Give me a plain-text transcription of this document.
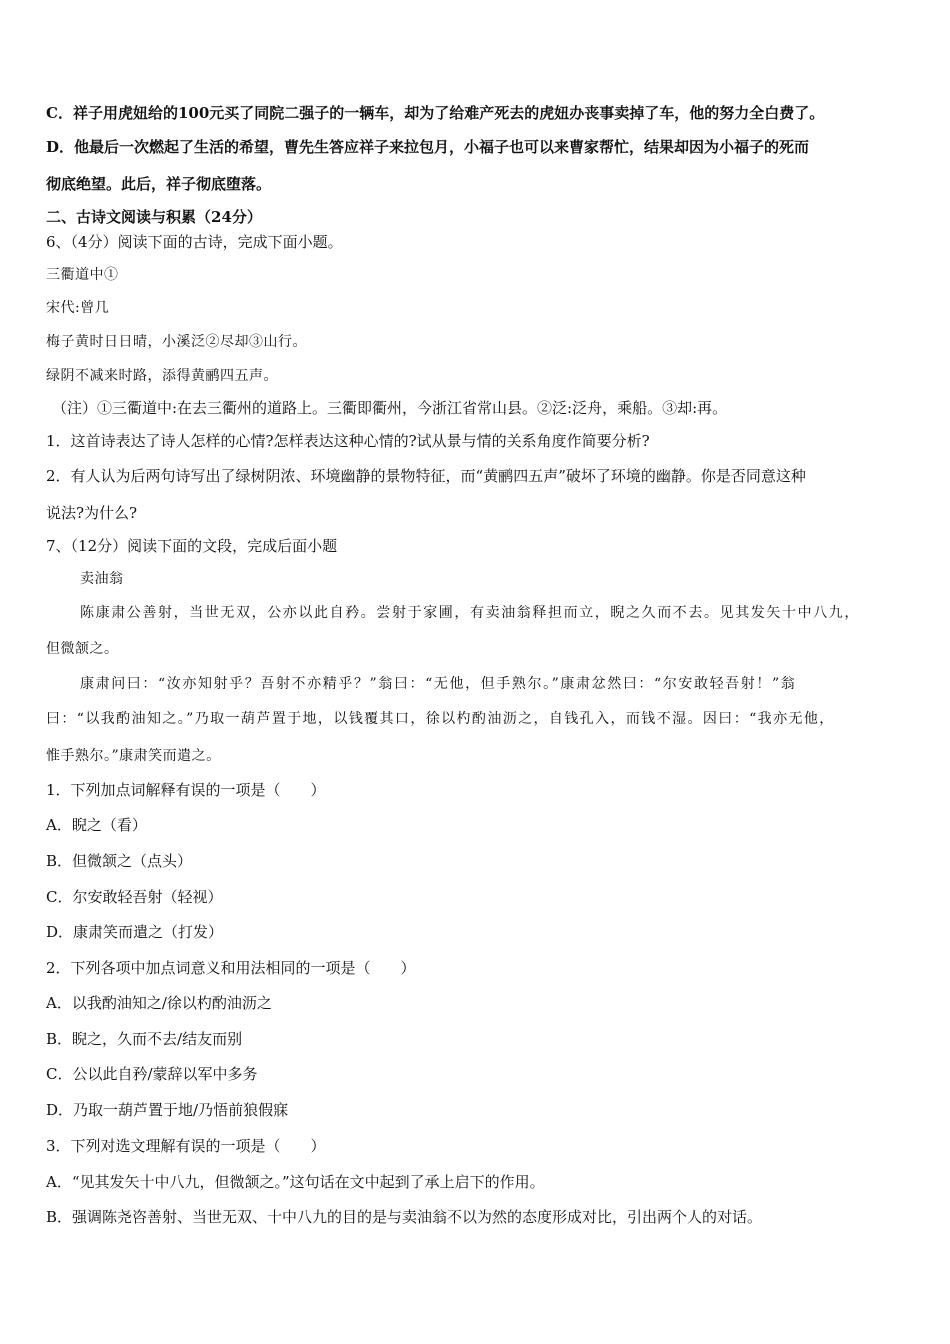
C．祥子用虎妞给的100元买了同院二强子的一辆车，却为了给难产死去的虎妞办丧事卖掉了车，他的努力全白费了。
D．他最后一次燃起了生活的希望，曹先生答应祥子来拉包月，小福子也可以来曹家帮忙，结果却因为小福子的死而
彻底绝望。此后，祥子彻底堕落。
二、古诗文阅读与积累（24分）
6、（4分）阅读下面的古诗，完成下面小题。
三衢道中①
宋代:曾几
梅子黄时日日晴，小溪泛②尽却③山行。
绿阴不减来时路，添得黄鹂四五声。
（注）①三衢道中:在去三衢州的道路上。三衢即衢州，今浙江省常山县。②泛:泛舟，乘船。③却:再。
1．这首诗表达了诗人怎样的心情?怎样表达这种心情的?试从景与情的关系角度作简要分析?
2．有人认为后两句诗写出了绿树阴浓、环境幽静的景物特征，而“黄鹂四五声”破坏了环境的幽静。你是否同意这种
说法?为什么?
7、（12分）阅读下面的文段，完成后面小题
卖油翁
陈康肃公善射，当世无双，公亦以此自矜。尝射于家圃，有卖油翁释担而立，睨之久而不去。见其发矢十中八九，
但微颔之。
康肃问曰：“汝亦知射乎？吾射不亦精乎？”翁曰：“无他，但手熟尔。”康肃忿然曰：“尔安敢轻吾射！”翁
曰：“以我酌油知之。”乃取一葫芦置于地，以钱覆其口，徐以杓酌油沥之，自钱孔入，而钱不湿。因曰：“我亦无他，
惟手熟尔。”康肃笑而遣之。
1．下列加点词解释有误的一项是（　　）
A．睨之（看）
B．但微颔之（点头）
C．尔安敢轻吾射（轻视）
D．康肃笑而遣之（打发）
2．下列各项中加点词意义和用法相同的一项是（　　）
A．以我酌油知之/徐以杓酌油沥之
B．睨之，久而不去/结友而别
C．公以此自矜/蒙辞以军中多务
D．乃取一葫芦置于地/乃悟前狼假寐
3．下列对选文理解有误的一项是（　　）
A．“见其发矢十中八九，但微颔之。”这句话在文中起到了承上启下的作用。
B．强调陈尧咨善射、当世无双、十中八九的目的是与卖油翁不以为然的态度形成对比，引出两个人的对话。
